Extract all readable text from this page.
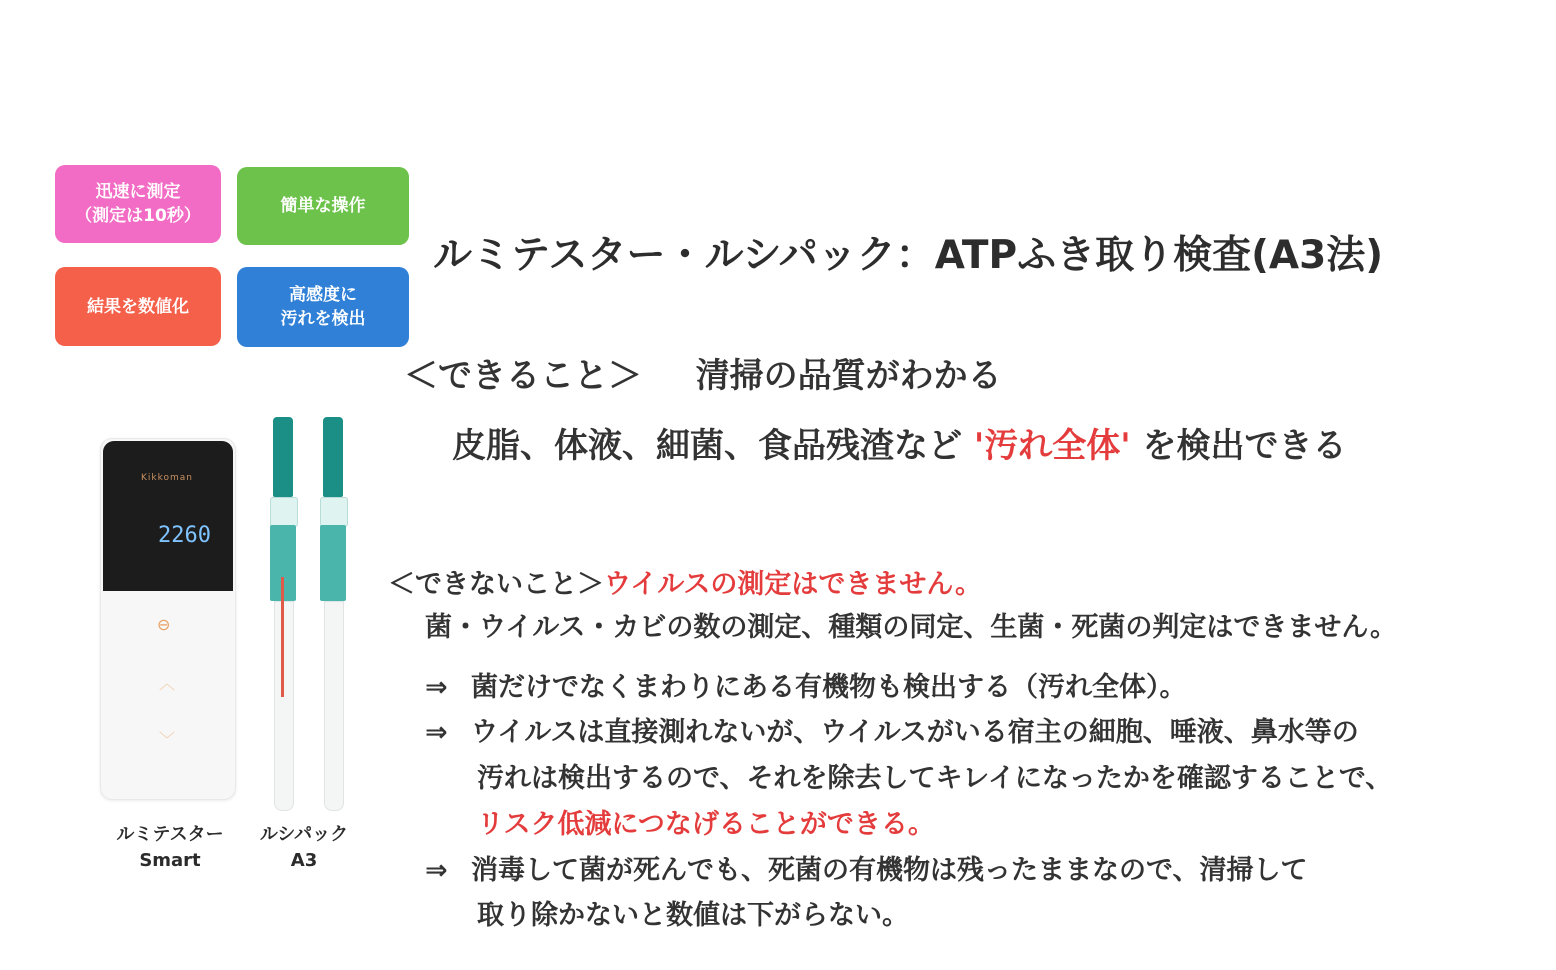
迅速に測定
（測定は10秒）	簡単な操作
結果を数値化
高感度に
汚れを検出
Kikkoman
2260
⊖
︿
﹀
ルミテスター
Smart
ルシパック
A3
ルミテスター・ルシパック：ATPふき取り検査(A3法)
＜できること＞ 清掃の品質がわかる
皮脂、体液、細菌、食品残渣など '汚れ全体' を検出できる
＜できないこと＞ウイルスの測定はできません。
菌・ウイルス・カビの数の測定、種類の同定、生菌・死菌の判定はできません。
⇒ 菌だけでなくまわりにある有機物も検出する（汚れ全体）。
⇒ ウイルスは直接測れないが、ウイルスがいる宿主の細胞、唾液、鼻水等の
汚れは検出するので、それを除去してキレイになったかを確認することで、
リスク低減につなげることができる。
⇒ 消毒して菌が死んでも、死菌の有機物は残ったままなので、清掃して
取り除かないと数値は下がらない。
